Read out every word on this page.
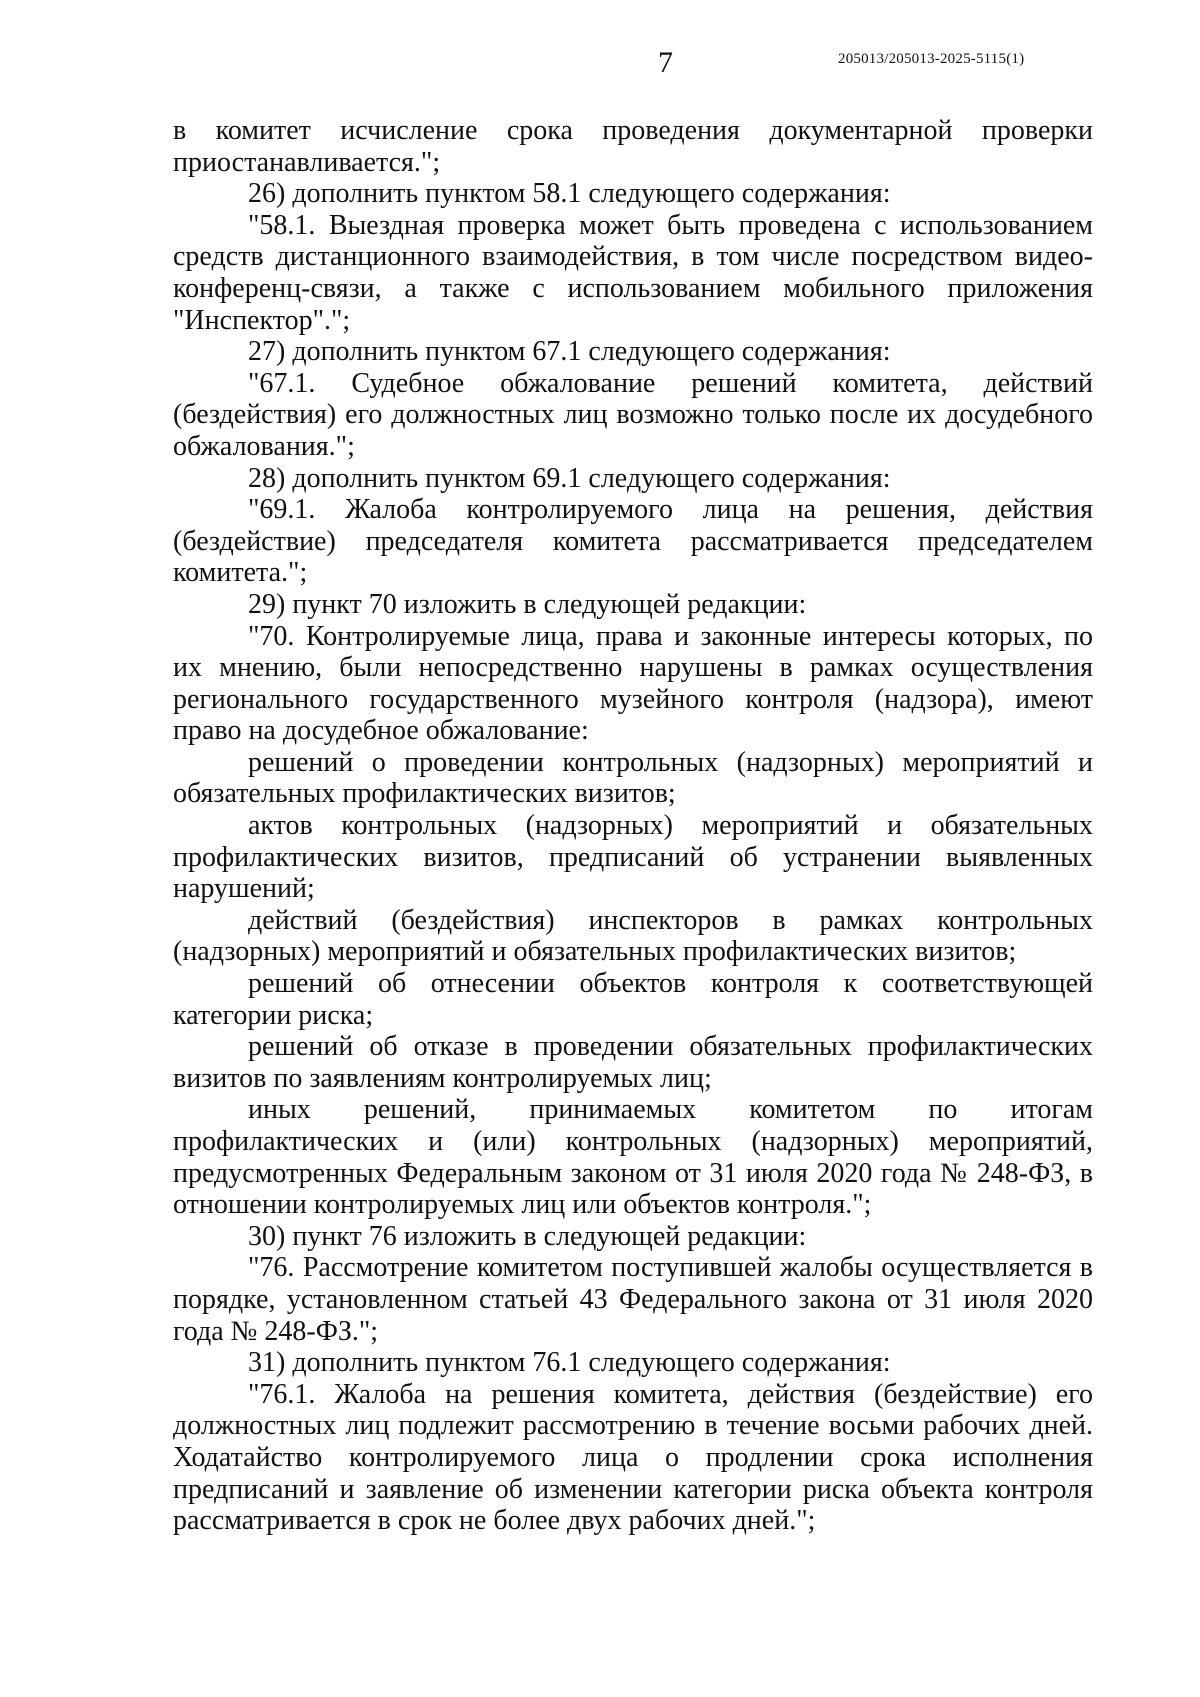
7	205013/205013-2025-5115(1)

в комитет исчисление срока проведения документарной проверки приостанавливается.";

26) дополнить пунктом 58.1 следующего содержания:

"58.1. Выездная проверка может быть проведена с использованием средств дистанционного взаимодействия, в том числе посредством видео-конференц-связи, а также с использованием мобильного приложения "Инспектор".";

27) дополнить пунктом 67.1 следующего содержания:

"67.1. Судебное обжалование решений комитета, действий (бездействия) его должностных лиц возможно только после их досудебного обжалования.";

28) дополнить пунктом 69.1 следующего содержания:

"69.1. Жалоба контролируемого лица на решения, действия (бездействие) председателя комитета рассматривается председателем комитета.";

29) пункт 70 изложить в следующей редакции:

"70. Контролируемые лица, права и законные интересы которых, по их мнению, были непосредственно нарушены в рамках осуществления регионального государственного музейного контроля (надзора), имеют право на досудебное обжалование:

решений о проведении контрольных (надзорных) мероприятий и обязательных профилактических визитов;

актов контрольных (надзорных) мероприятий и обязательных профилактических визитов, предписаний об устранении выявленных нарушений;

действий (бездействия) инспекторов в рамках контрольных (надзорных) мероприятий и обязательных профилактических визитов;

решений об отнесении объектов контроля к соответствующей категории риска;

решений об отказе в проведении обязательных профилактических визитов по заявлениям контролируемых лиц;

иных решений, принимаемых комитетом по итогам профилактических и (или) контрольных (надзорных) мероприятий, предусмотренных Федеральным законом от 31 июля 2020 года № 248-ФЗ, в отношении контролируемых лиц или объектов контроля.";

30) пункт 76 изложить в следующей редакции:

"76. Рассмотрение комитетом поступившей жалобы осуществляется в порядке, установленном статьей 43 Федерального закона от 31 июля 2020 года № 248-ФЗ.";

31) дополнить пунктом 76.1 следующего содержания:

"76.1. Жалоба на решения комитета, действия (бездействие) его должностных лиц подлежит рассмотрению в течение восьми рабочих дней. Ходатайство контролируемого лица о продлении срока исполнения предписаний и заявление об изменении категории риска объекта контроля рассматривается в срок не более двух рабочих дней.";
